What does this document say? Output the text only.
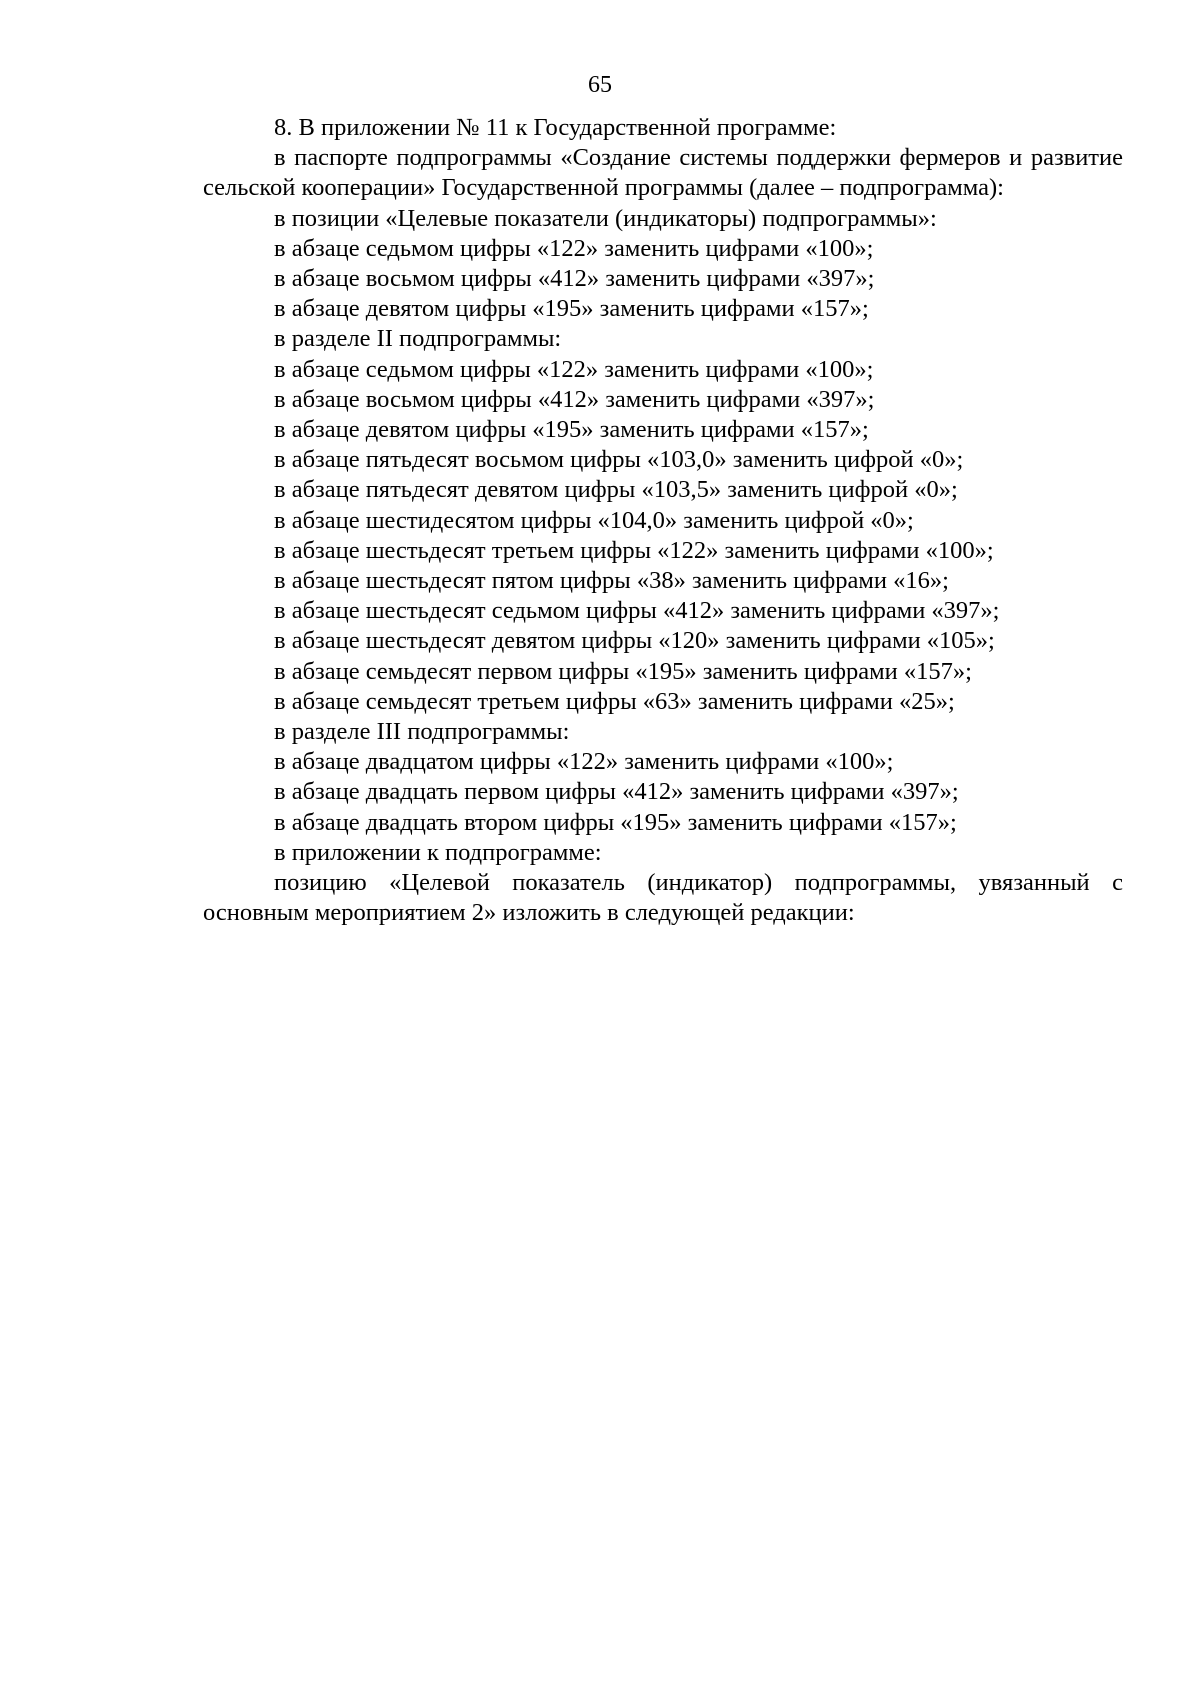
65

8. В приложении № 11 к Государственной программе:

в паспорте подпрограммы «Создание системы поддержки фермеров и развитие сельской кооперации» Государственной программы (далее – подпрограмма):

в позиции «Целевые показатели (индикаторы) подпрограммы»:

в абзаце седьмом цифры «122» заменить цифрами «100»;

в абзаце восьмом цифры «412» заменить цифрами «397»;

в абзаце девятом цифры «195» заменить цифрами «157»;

в разделе II подпрограммы:

в абзаце седьмом цифры «122» заменить цифрами «100»;

в абзаце восьмом цифры «412» заменить цифрами «397»;

в абзаце девятом цифры «195» заменить цифрами «157»;

в абзаце пятьдесят восьмом цифры «103,0» заменить цифрой «0»;

в абзаце пятьдесят девятом цифры «103,5» заменить цифрой «0»;

в абзаце шестидесятом цифры «104,0» заменить цифрой «0»;

в абзаце шестьдесят третьем цифры «122» заменить цифрами «100»;

в абзаце шестьдесят пятом цифры «38» заменить цифрами «16»;

в абзаце шестьдесят седьмом цифры «412» заменить цифрами «397»;

в абзаце шестьдесят девятом цифры «120» заменить цифрами «105»;

в абзаце семьдесят первом цифры «195» заменить цифрами «157»;

в абзаце семьдесят третьем цифры «63» заменить цифрами «25»;

в разделе III подпрограммы:

в абзаце двадцатом цифры «122» заменить цифрами «100»;

в абзаце двадцать первом цифры «412» заменить цифрами «397»;

в абзаце двадцать втором цифры «195» заменить цифрами «157»;

в приложении к подпрограмме:

позицию «Целевой показатель (индикатор) подпрограммы, увязанный с основным мероприятием 2» изложить в следующей редакции:
